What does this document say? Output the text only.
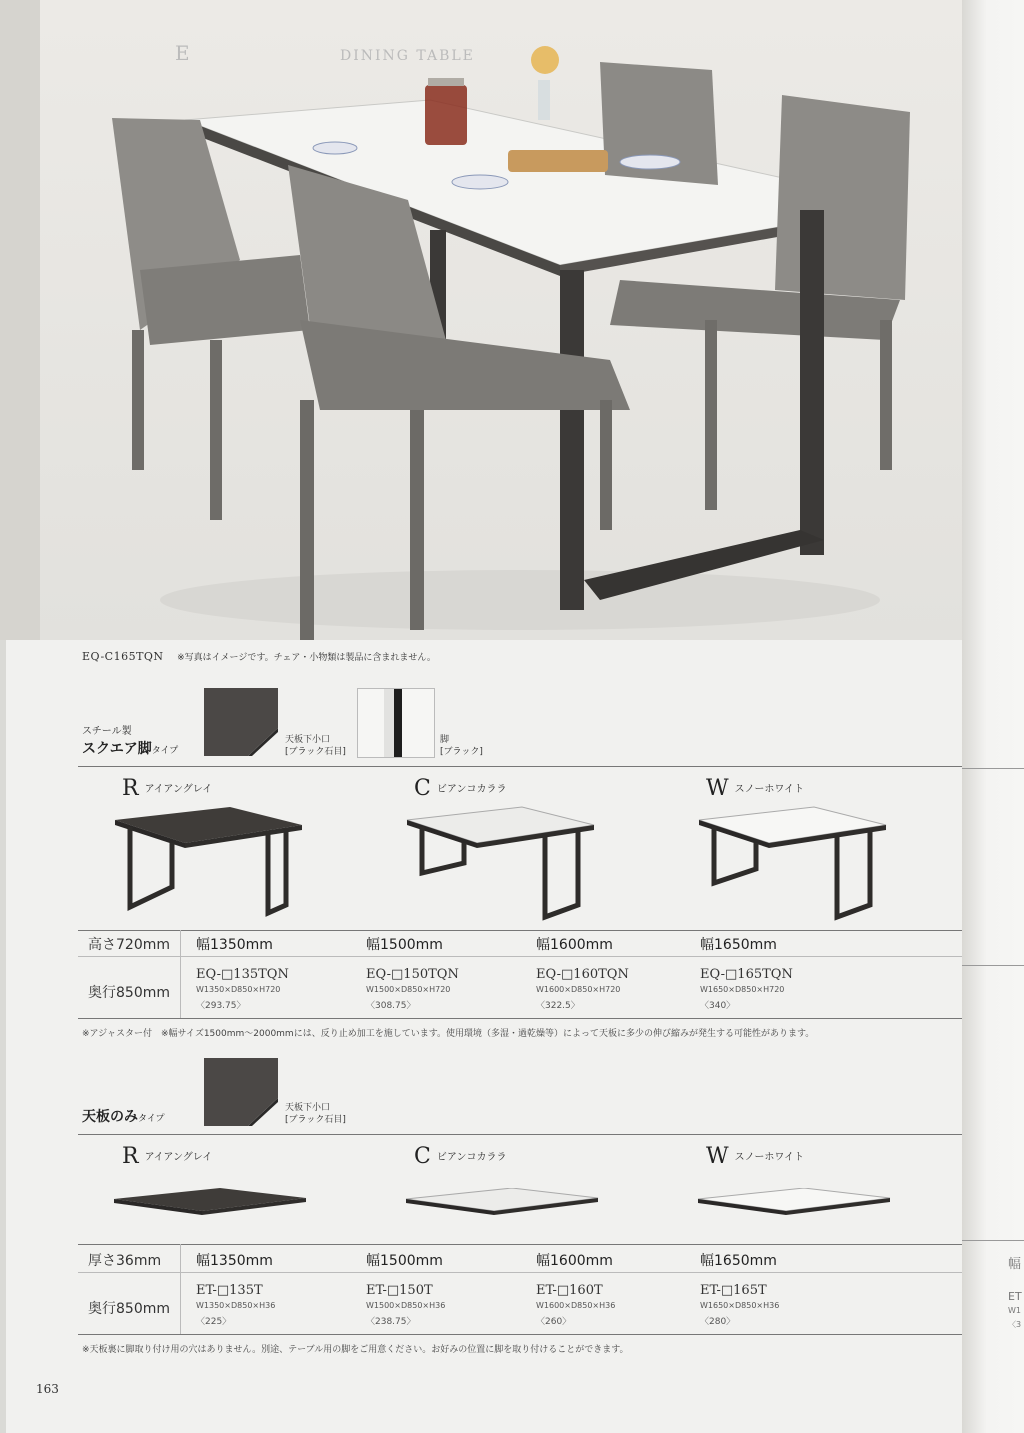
DINING TABLE
E
幅
ET
W1
〈3
EQ-C165TQN ※写真はイメージです。チェア・小物類は製品に含まれません。
天板下小口
[ブラック石目]
脚
[ブラック]
スチール製
スクエア脚タイプ
Rアイアングレイ	Cビアンコカララ	Wスノーホワイト
高さ720mm
奥行850mm
幅1350mm	幅1500mm	幅1600mm	幅1650mm
EQ-□135TQN	EQ-□150TQN	EQ-□160TQN	EQ-□165TQN
W1350×D850×H720	W1500×D850×H720	W1600×D850×H720	W1650×D850×H720
〈293.75〉	〈308.75〉	〈322.5〉	〈340〉
※アジャスター付　※幅サイズ1500mm〜2000mmには、反り止め加工を施しています。使用環境（多湿・過乾燥等）によって天板に多少の伸び縮みが発生する可能性があります。
天板下小口
[ブラック石目]
天板のみタイプ
Rアイアングレイ	Cビアンコカララ	Wスノーホワイト
厚さ36mm
奥行850mm
幅1350mm	幅1500mm	幅1600mm	幅1650mm
ET-□135T	ET-□150T	ET-□160T	ET-□165T
W1350×D850×H36	W1500×D850×H36	W1600×D850×H36	W1650×D850×H36
〈225〉	〈238.75〉	〈260〉	〈280〉
※天板裏に脚取り付け用の穴はありません。別途、テーブル用の脚をご用意ください。お好みの位置に脚を取り付けることができます。
163
